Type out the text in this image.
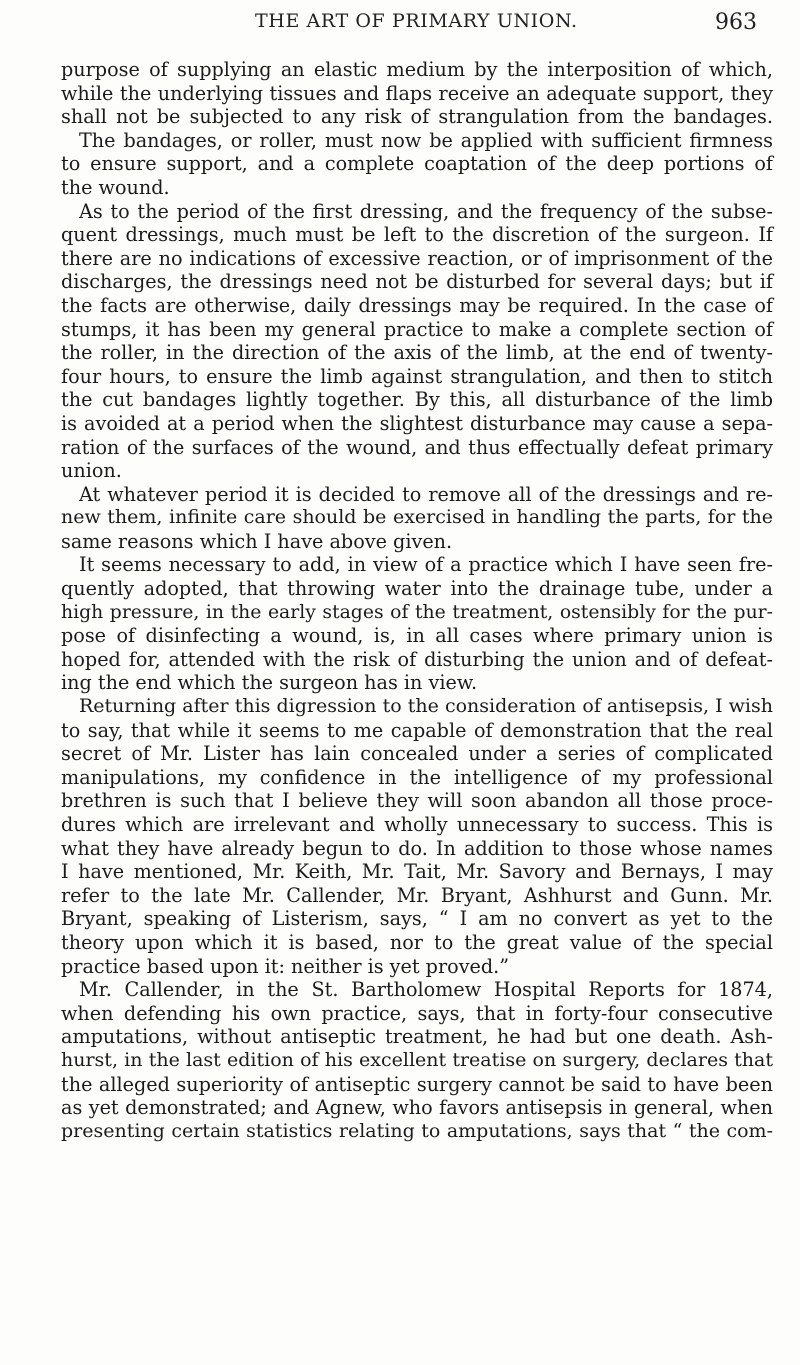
THE ART OF PRIMARY UNION.	963
purpose of supplying an elastic medium by the interposition of which,
while the underlying tissues and flaps receive an adequate support, they
shall not be subjected to any risk of strangulation from the bandages.
The bandages, or roller, must now be applied with sufficient firmness
to ensure support, and a complete coaptation of the deep portions of
the wound.
As to the period of the first dressing, and the frequency of the subse-
quent dressings, much must be left to the discretion of the surgeon. If
there are no indications of excessive reaction, or of imprisonment of the
discharges, the dressings need not be disturbed for several days; but if
the facts are otherwise, daily dressings may be required. In the case of
stumps, it has been my general practice to make a complete section of
the roller, in the direction of the axis of the limb, at the end of twenty-
four hours, to ensure the limb against strangulation, and then to stitch
the cut bandages lightly together. By this, all disturbance of the limb
is avoided at a period when the slightest disturbance may cause a sepa-
ration of the surfaces of the wound, and thus effectually defeat primary
union.
At whatever period it is decided to remove all of the dressings and re-
new them, infinite care should be exercised in handling the parts, for the
same reasons which I have above given.
It seems necessary to add, in view of a practice which I have seen fre-
quently adopted, that throwing water into the drainage tube, under a
high pressure, in the early stages of the treatment, ostensibly for the pur-
pose of disinfecting a wound, is, in all cases where primary union is
hoped for, attended with the risk of disturbing the union and of defeat-
ing the end which the surgeon has in view.
Returning after this digression to the consideration of antisepsis, I wish
to say, that while it seems to me capable of demonstration that the real
secret of Mr. Lister has lain concealed under a series of complicated
manipulations, my confidence in the intelligence of my professional
brethren is such that I believe they will soon abandon all those proce-
dures which are irrelevant and wholly unnecessary to success. This is
what they have already begun to do. In addition to those whose names
I have mentioned, Mr. Keith, Mr. Tait, Mr. Savory and Bernays, I may
refer to the late Mr. Callender, Mr. Bryant, Ashhurst and Gunn. Mr.
Bryant, speaking of Listerism, says, “ I am no convert as yet to the
theory upon which it is based, nor to the great value of the special
practice based upon it: neither is yet proved.”
Mr. Callender, in the St. Bartholomew Hospital Reports for 1874,
when defending his own practice, says, that in forty-four consecutive
amputations, without antiseptic treatment, he had but one death. Ash-
hurst, in the last edition of his excellent treatise on surgery, declares that
the alleged superiority of antiseptic surgery cannot be said to have been
as yet demonstrated; and Agnew, who favors antisepsis in general, when
presenting certain statistics relating to amputations, says that “ the com-
